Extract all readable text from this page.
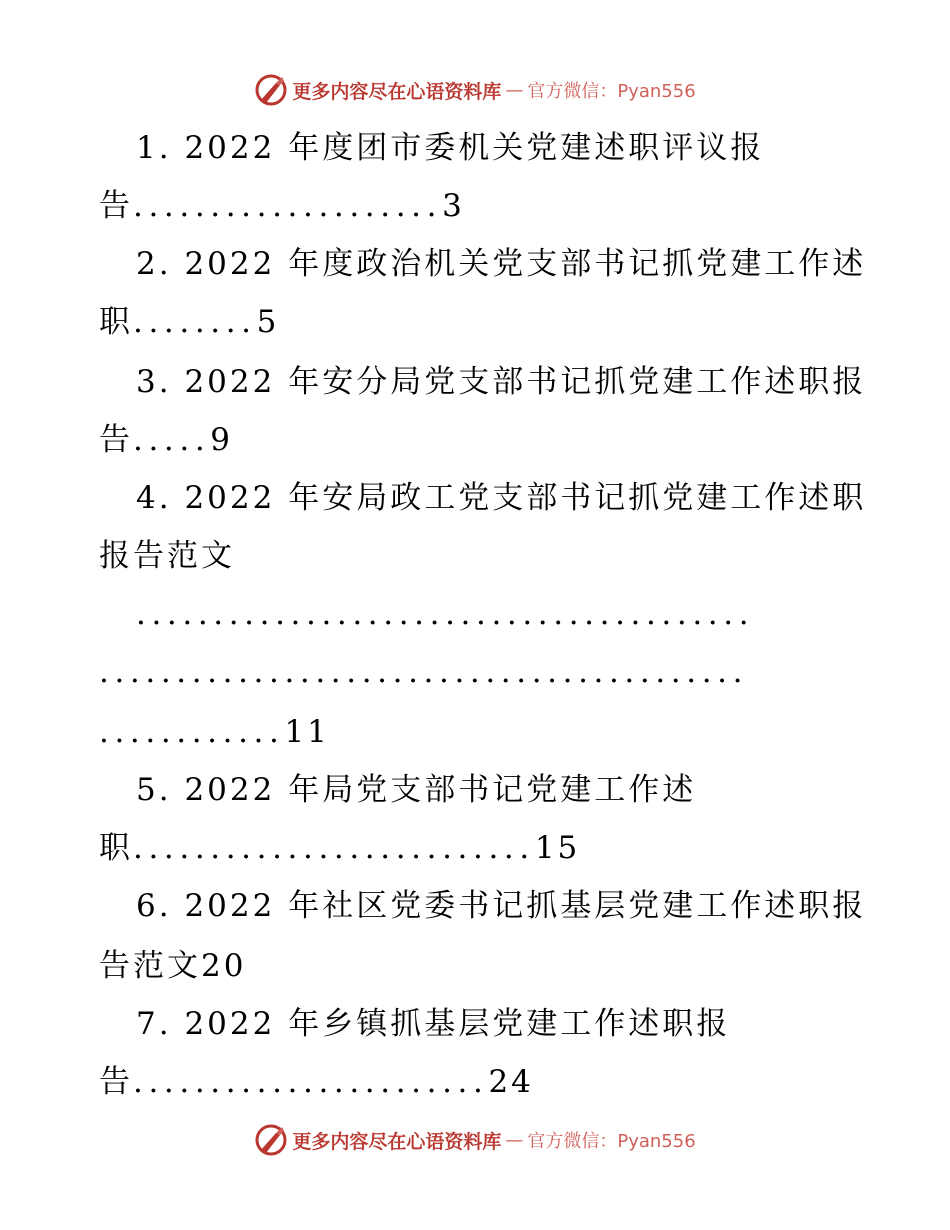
更多内容尽在心语资料库 — 官方微信：Pyan556
1. 2022 年度团市委机关党建述职评议报
告....................3
2. 2022 年度政治机关党支部书记抓党建工作述
职........5
3. 2022 年安分局党支部书记抓党建工作述职报
告.....9
4. 2022 年安局政工党支部书记抓党建工作述职
报告范文
........................................
..........................................
............11
5. 2022 年局党支部书记党建工作述
职..........................15
6. 2022 年社区党委书记抓基层党建工作述职报
告范文20
7. 2022 年乡镇抓基层党建工作述职报
告.......................24
更多内容尽在心语资料库 — 官方微信：Pyan556
